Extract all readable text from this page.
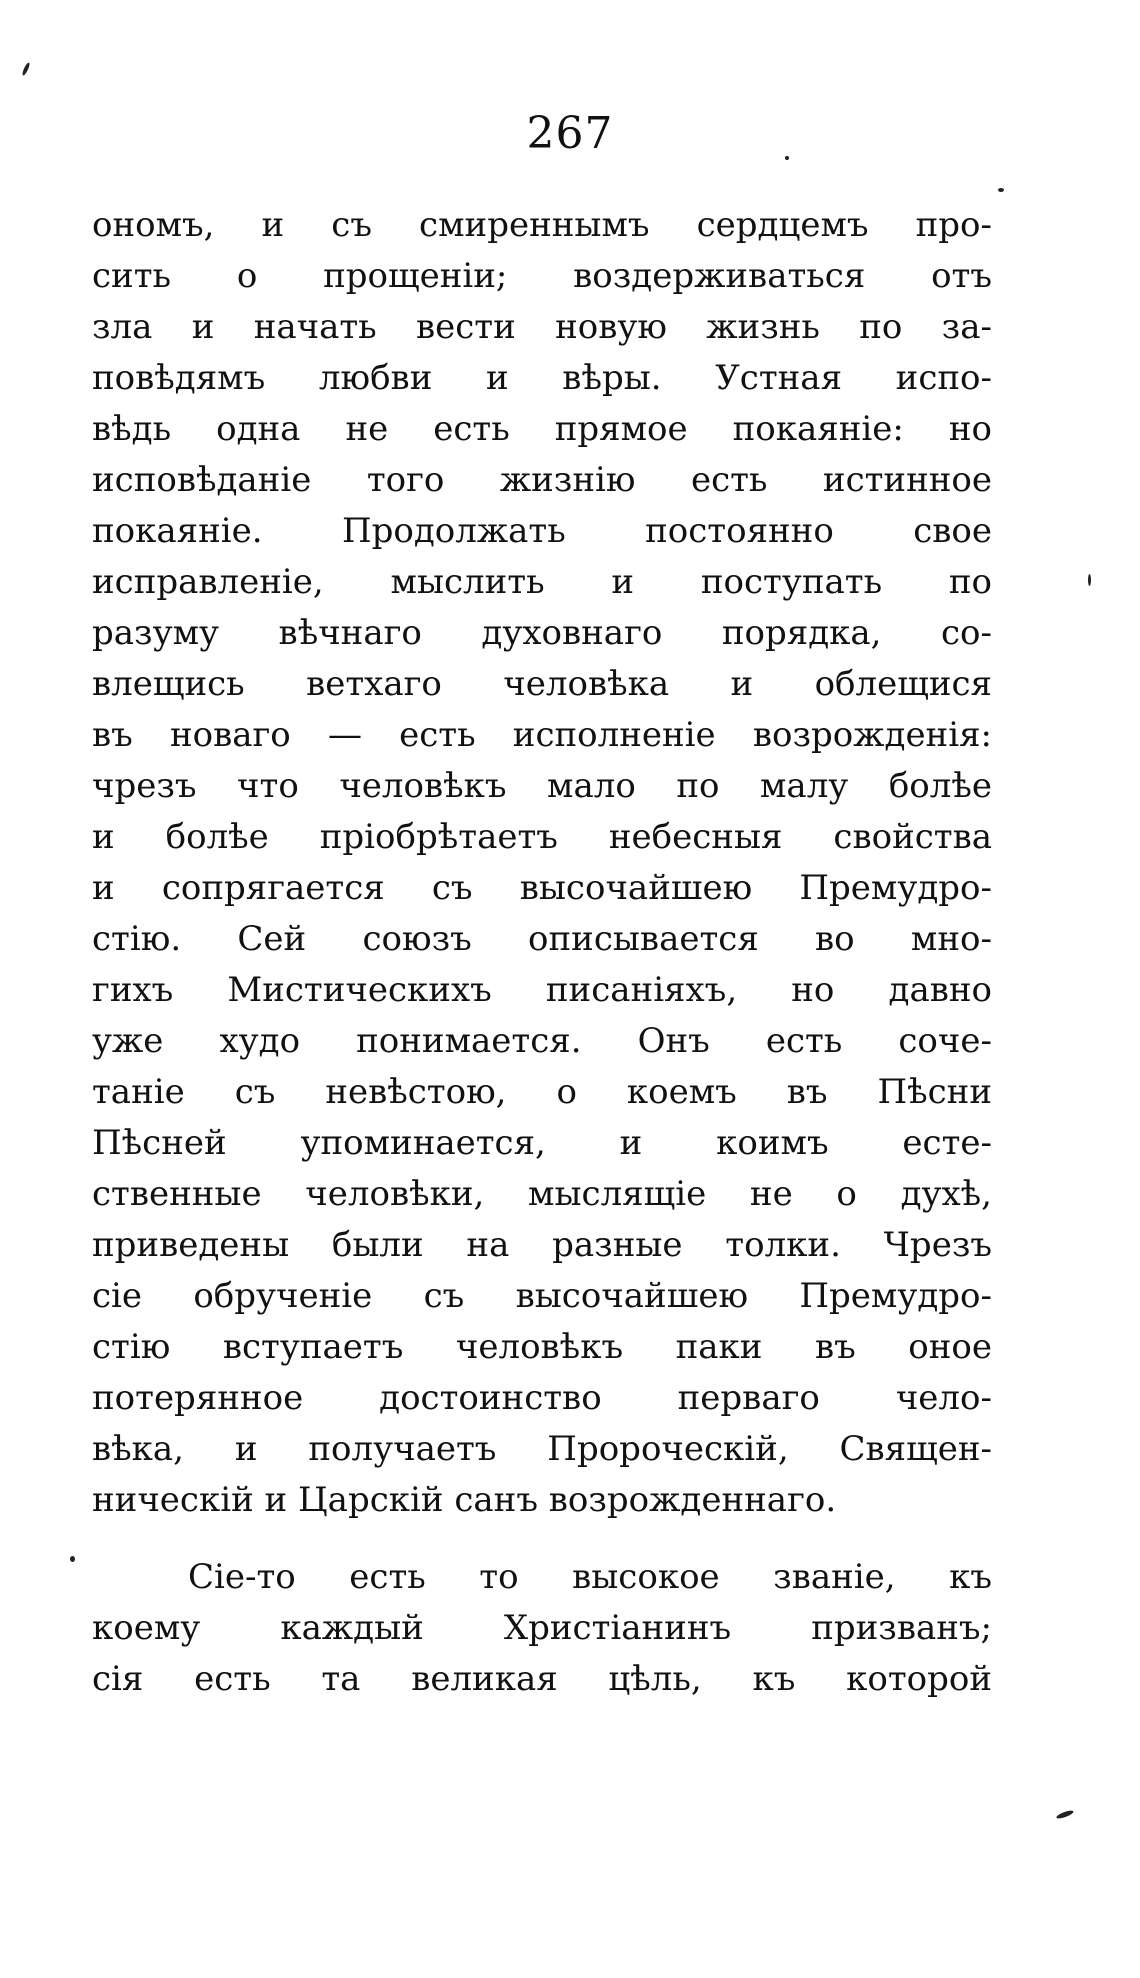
267
ономъ, и съ смиреннымъ сердцемъ про-
сить о прощеніи; воздерживаться отъ
зла и начать вести новую жизнь по за-
повѣдямъ любви и вѣры. Устная испо-
вѣдь одна не есть прямое покаяніе: но
исповѣданіе того жизнію есть истинное
покаяніе. Продолжать постоянно свое
исправленіе, мыслить и поступать по
разуму вѣчнаго духовнаго порядка, со-
влещись ветхаго человѣка и облещися
въ новаго — есть исполненіе возрожденія:
чрезъ что человѣкъ мало по малу болѣе
и болѣе пріобрѣтаетъ небесныя свойства
и сопрягается съ высочайшею Премудро-
стію. Сей союзъ описывается во мно-
гихъ Мистическихъ писаніяхъ, но давно
уже худо понимается. Онъ есть сoче-
таніе съ невѣстою, о коемъ въ Пѣсни
Пѣсней упоминается, и коимъ есте-
ственные человѣки, мыслящіе не о духѣ,
приведены были на разные толки. Чрезъ
сіе обрученіе съ высочайшею Премудро-
стію вступаетъ человѣкъ паки въ оное
потерянное достоинство перваго чело-
вѣка, и получаетъ Пророческій, Священ-
ническій и Царскій санъ возрожденнаго.
Сіе-то есть то высокое званіе, къ
коему каждый Христіанинъ призванъ;
сія есть та великая цѣль, къ которой
